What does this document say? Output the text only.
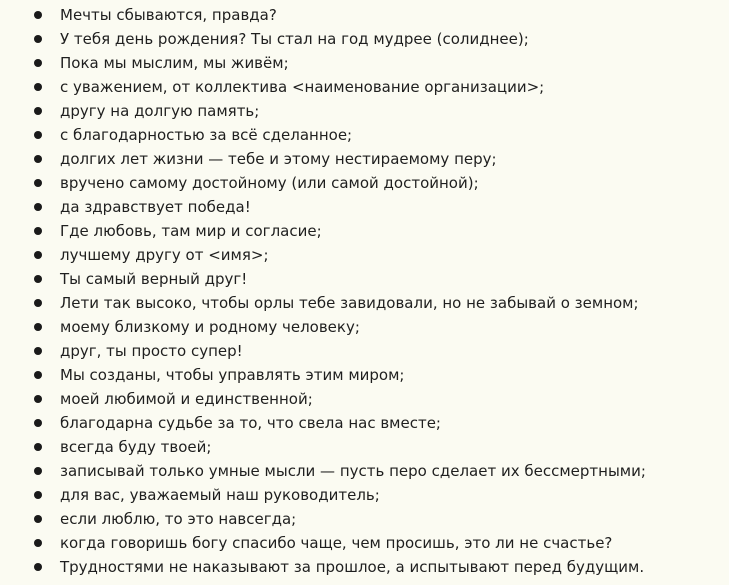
Мечты сбываются, правда?
У тебя день рождения? Ты стал на год мудрее (солиднее);
Пока мы мыслим, мы живём;
с уважением, от коллектива <наименование организации>;
другу на долгую память;
с благодарностью за всё сделанное;
долгих лет жизни — тебе и этому нестираемому перу;
вручено самому достойному (или самой достойной);
да здравствует победа!
Где любовь, там мир и согласие;
лучшему другу от <имя>;
Ты самый верный друг!
Лети так высоко, чтобы орлы тебе завидовали, но не забывай о земном;
моему близкому и родному человеку;
друг, ты просто супер!
Мы созданы, чтобы управлять этим миром;
моей любимой и единственной;
благодарна судьбе за то, что свела нас вместе;
всегда буду твоей;
записывай только умные мысли — пусть перо сделает их бессмертными;
для вас, уважаемый наш руководитель;
если люблю, то это навсегда;
когда говоришь богу спасибо чаще, чем просишь, это ли не счастье?
Трудностями не наказывают за прошлое, а испытывают перед будущим.
